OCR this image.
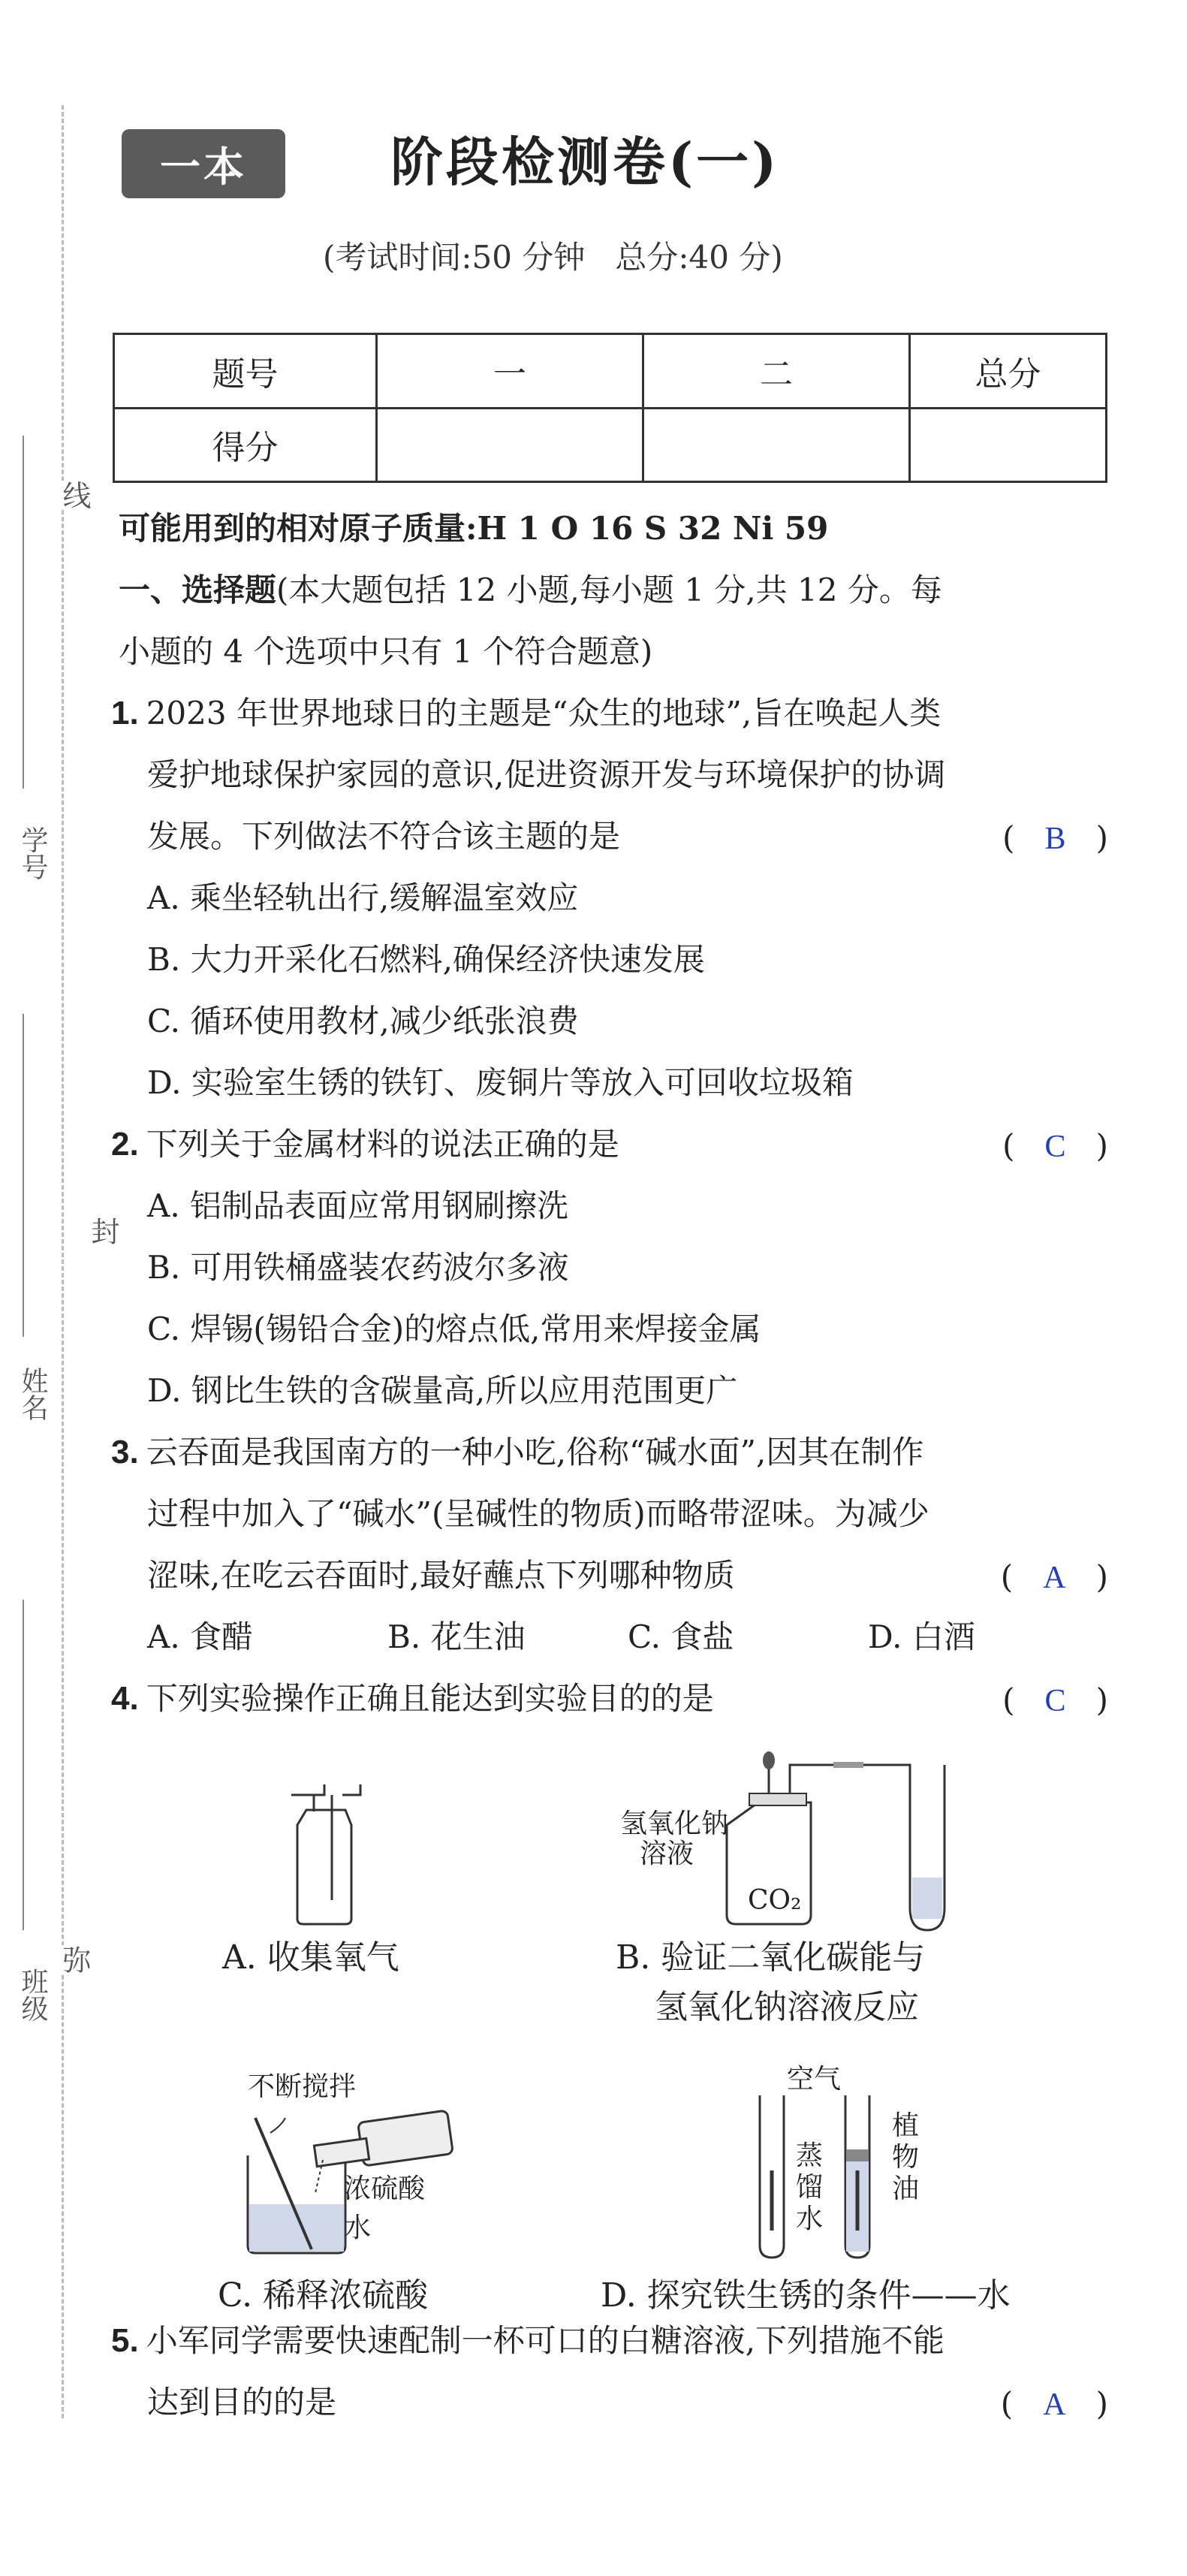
线
封
弥
学号
姓名
班级
一本	阶段检测卷(一)
(考试时间:50 分钟   总分:40 分)
题号	一	二	总分
得分			
可能用到的相对原子质量:H 1 O 16 S 32 Ni 59
一、选择题(本大题包括 12 小题,每小题 1 分,共 12 分。每
小题的 4 个选项中只有 1 个符合题意)
1. 2023 年世界地球日的主题是“众生的地球”,旨在唤起人类
爱护地球保护家园的意识,促进资源开发与环境保护的协调
发展。下列做法不符合该主题的是	(   B   )
A. 乘坐轻轨出行,缓解温室效应
B. 大力开采化石燃料,确保经济快速发展
C. 循环使用教材,减少纸张浪费
D. 实验室生锈的铁钉、废铜片等放入可回收垃圾箱
2. 下列关于金属材料的说法正确的是	(   C   )
A. 铝制品表面应常用钢刷擦洗
B. 可用铁桶盛装农药波尔多液
C. 焊锡(锡铅合金)的熔点低,常用来焊接金属
D. 钢比生铁的含碳量高,所以应用范围更广
3. 云吞面是我国南方的一种小吃,俗称“碱水面”,因其在制作
过程中加入了“碱水”(呈碱性的物质)而略带涩味。为减少
涩味,在吃云吞面时,最好蘸点下列哪种物质	(   A   )
A. 食醋	B. 花生油	C. 食盐	D. 白酒
4. 下列实验操作正确且能达到实验目的的是	(   C   )
A. 收集氧气
氢氧化钠
溶液
CO₂
B. 验证二氧化碳能与
氢氧化钠溶液反应
不断搅拌
浓硫酸
水
C. 稀释浓硫酸
空气
蒸
馏
水
植
物
油
D. 探究铁生锈的条件——水
5. 小军同学需要快速配制一杯可口的白糖溶液,下列措施不能
达到目的的是	(   A   )
